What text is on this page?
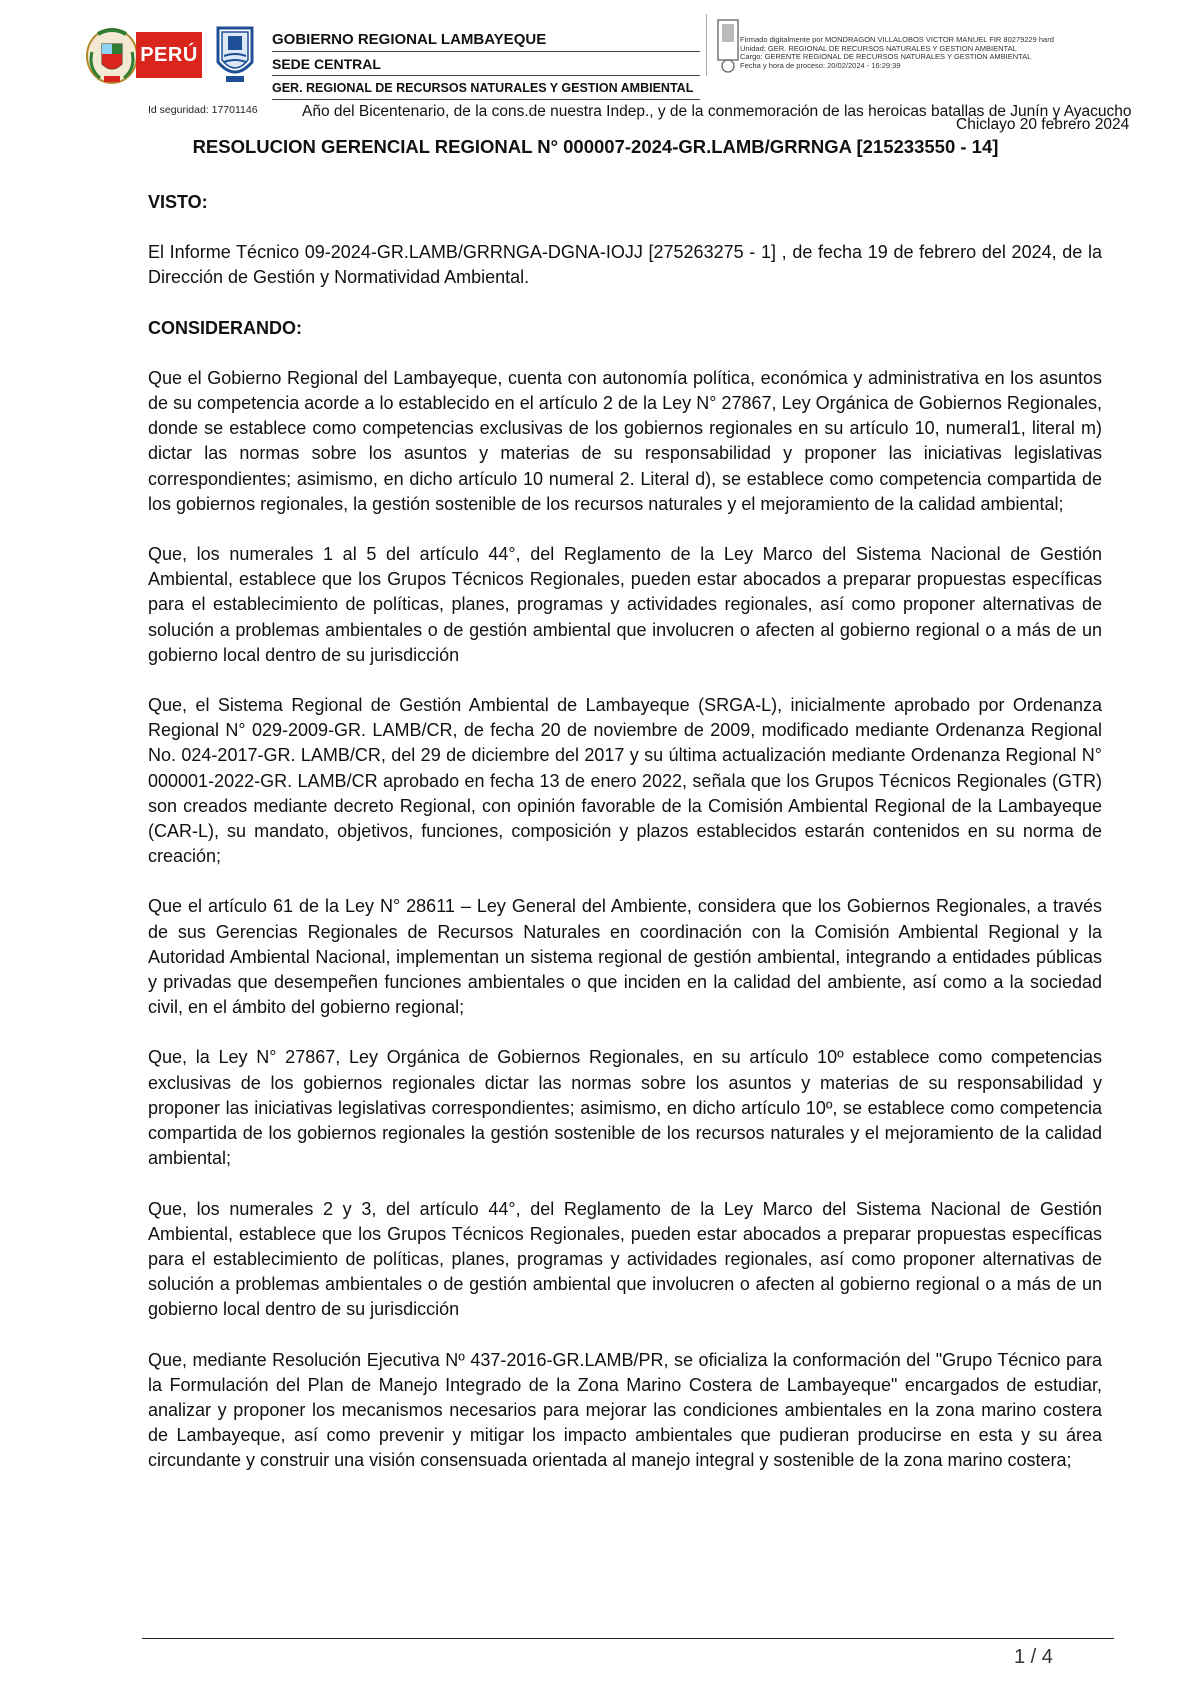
PERÚ
GOBIERNO REGIONAL LAMBAYEQUE
SEDE CENTRAL
GER. REGIONAL DE RECURSOS NATURALES Y GESTION AMBIENTAL
Firmado digitalmente por MONDRAGON VILLALOBOS VICTOR MANUEL FIR 80279229 hard
Unidad: GER. REGIONAL DE RECURSOS NATURALES Y GESTION AMBIENTAL
Cargo: GERENTE REGIONAL DE RECURSOS NATURALES Y GESTION AMBIENTAL
Fecha y hora de proceso: 20/02/2024 - 16:29:39
Id seguridad: 17701146	Año del Bicentenario, de la cons.de nuestra Indep., y de la conmemoración de las heroicas batallas de Junín y Ayacucho
Chiclayo 20 febrero 2024
RESOLUCION GERENCIAL REGIONAL N° 000007-2024-GR.LAMB/GRRNGA [215233550 - 14]
VISTO:

El Informe Técnico 09-2024-GR.LAMB/GRRNGA-DGNA-IOJJ [275263275 - 1] , de fecha 19 de febrero del 2024, de la Dirección de Gestión y Normatividad Ambiental.

CONSIDERANDO:

Que el Gobierno Regional del Lambayeque, cuenta con autonomía política, económica y administrativa en los asuntos de su competencia acorde a lo establecido en el artículo 2 de la Ley N° 27867, Ley Orgánica de Gobiernos Regionales, donde se establece como competencias exclusivas de los gobiernos regionales en su artículo 10, numeral1, literal m) dictar las normas sobre los asuntos y materias de su responsabilidad y proponer las iniciativas legislativas correspondientes; asimismo, en dicho artículo 10 numeral 2. Literal d), se establece como competencia compartida de los gobiernos regionales, la gestión sostenible de los recursos naturales y el mejoramiento de la calidad ambiental;

Que, los numerales 1 al 5 del artículo 44°, del Reglamento de la Ley Marco del Sistema Nacional de Gestión Ambiental, establece que los Grupos Técnicos Regionales, pueden estar abocados a preparar propuestas específicas para el establecimiento de políticas, planes, programas y actividades regionales, así como proponer alternativas de solución a problemas ambientales o de gestión ambiental que involucren o afecten al gobierno regional o a más de un gobierno local dentro de su jurisdicción

Que, el Sistema Regional de Gestión Ambiental de Lambayeque (SRGA-L), inicialmente aprobado por Ordenanza Regional N° 029-2009-GR. LAMB/CR, de fecha 20 de noviembre de 2009, modificado mediante Ordenanza Regional No. 024-2017-GR. LAMB/CR, del 29 de diciembre del 2017 y su última actualización mediante Ordenanza Regional N° 000001-2022-GR. LAMB/CR aprobado en fecha 13 de enero 2022, señala que los Grupos Técnicos Regionales (GTR) son creados mediante decreto Regional, con opinión favorable de la Comisión Ambiental Regional de la Lambayeque (CAR-L), su mandato, objetivos, funciones, composición y plazos establecidos estarán contenidos en su norma de creación;

Que el artículo 61 de la Ley N° 28611 – Ley General del Ambiente, considera que los Gobiernos Regionales, a través de sus Gerencias Regionales de Recursos Naturales en coordinación con la Comisión Ambiental Regional y la Autoridad Ambiental Nacional, implementan un sistema regional de gestión ambiental, integrando a entidades públicas y privadas que desempeñen funciones ambientales o que inciden en la calidad del ambiente, así como a la sociedad civil, en el ámbito del gobierno regional;

Que, la Ley N° 27867, Ley Orgánica de Gobiernos Regionales, en su artículo 10º establece como competencias exclusivas de los gobiernos regionales dictar las normas sobre los asuntos y materias de su responsabilidad y proponer las iniciativas legislativas correspondientes; asimismo, en dicho artículo 10º, se establece como competencia compartida de los gobiernos regionales la gestión sostenible de los recursos naturales y el mejoramiento de la calidad ambiental;

Que, los numerales 2 y 3, del artículo 44°, del Reglamento de la Ley Marco del Sistema Nacional de Gestión Ambiental, establece que los Grupos Técnicos Regionales, pueden estar abocados a preparar propuestas específicas para el establecimiento de políticas, planes, programas y actividades regionales, así como proponer alternativas de solución a problemas ambientales o de gestión ambiental que involucren o afecten al gobierno regional o a más de un gobierno local dentro de su jurisdicción

Que, mediante Resolución Ejecutiva Nº 437-2016-GR.LAMB/PR, se oficializa la conformación del "Grupo Técnico para la Formulación del Plan de Manejo Integrado de la Zona Marino Costera de Lambayeque" encargados de estudiar, analizar y proponer los mecanismos necesarios para mejorar las condiciones ambientales en la zona marino costera de Lambayeque, así como prevenir y mitigar los impacto ambientales que pudieran producirse en esta y su área circundante y construir una visión consensuada orientada al manejo integral y sostenible de la zona marino costera;

1 / 4
